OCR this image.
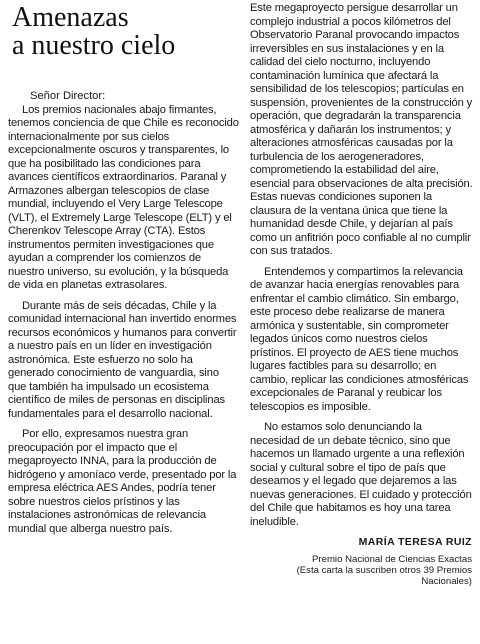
Amenazas
a nuestro cielo
Señor Director:

Los premios nacionales abajo firmantes, tenemos conciencia de que Chile es reconocido internacionalmente por sus cielos excepcionalmente oscuros y transparentes, lo que ha posibilitado las condiciones para avances científicos extraordinarios. Paranal y Armazones albergan telescopios de clase mundial, incluyendo el Very Large Telescope (VLT), el Extremely Large Telescope (ELT) y el Cherenkov Telescope Array (CTA). Estos instrumentos permiten investigaciones que ayudan a comprender los comienzos de nuestro universo, su evolución, y la búsqueda de vida en planetas extrasolares.

Durante más de seis décadas, Chile y la comunidad internacional han invertido enormes recursos económicos y humanos para convertir a nuestro país en un líder en investigación astronómica. Este esfuerzo no solo ha generado conocimiento de vanguardia, sino que también ha impulsado un ecosistema científico de miles de personas en disciplinas fundamentales para el desarrollo nacional.

Por ello, expresamos nuestra gran preocupación por el impacto que el megaproyecto INNA, para la producción de hidrógeno y amoníaco verde, presentado por la empresa eléctrica AES Andes, podría tener sobre nuestros cielos prístinos y las instalaciones astronómicas de relevancia mundial que alberga nuestro país.

Este megaproyecto persigue desarrollar un complejo industrial a pocos kilómetros del Observatorio Paranal provocando impactos irreversibles en sus instalaciones y en la calidad del cielo nocturno, incluyendo contaminación lumínica que afectará la sensibilidad de los telescopios; partículas en suspensión, provenientes de la construcción y operación, que degradarán la transparencia atmosférica y dañarán los instrumentos; y alteraciones atmosféricas causadas por la turbulencia de los aerogeneradores, comprometiendo la estabilidad del aire, esencial para observaciones de alta precisión. Estas nuevas condiciones suponen la clausura de la ventana única que tiene la humanidad desde Chile, y dejarían al país como un anfitrión poco confiable al no cumplir con sus tratados.

Entendemos y compartimos la relevancia de avanzar hacia energías renovables para enfrentar el cambio climático. Sin embargo, este proceso debe realizarse de manera armónica y sustentable, sin comprometer legados únicos como nuestros cielos prístinos. El proyecto de AES tiene muchos lugares factibles para su desarrollo; en cambio, replicar las condiciones atmosféricas excepcionales de Paranal y reubicar los telescopios es imposible.

No estamos solo denunciando la necesidad de un debate técnico, sino que hacemos un llamado urgente a una reflexión social y cultural sobre el tipo de país que deseamos y el legado que dejaremos a las nuevas generaciones. El cuidado y protección del Chile que habitamos es hoy una tarea ineludible.

MARÍA TERESA RUIZ
Premio Nacional de Ciencias Exactas
(Esta carta la suscriben otros 39 Premios
Nacionales)
